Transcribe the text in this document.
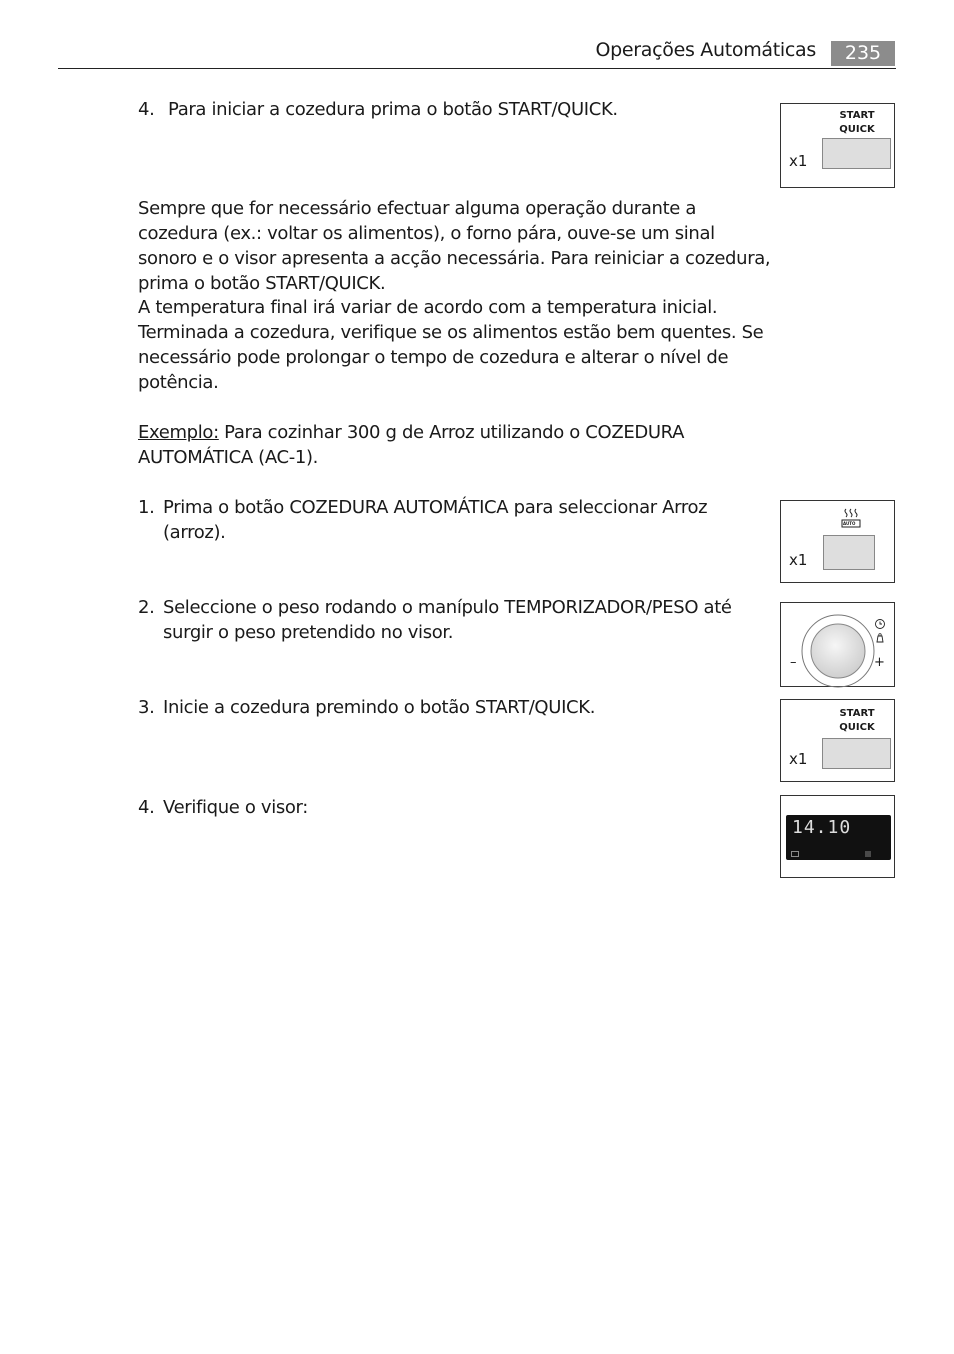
Operações Automáticas	235
4. Para iniciar a cozedura prima o botão START/QUICK.
Sempre que for necessário efectuar alguma operação durante a cozedura (ex.: voltar os alimentos), o forno pára, ouve-se um sinal sonoro e o visor apresenta a acção necessária. Para reiniciar a cozedura, prima o botão START/QUICK.
A temperatura final irá variar de acordo com a temperatura inicial. Terminada a cozedura, verifique se os alimentos estão bem quentes. Se necessário pode prolongar o tempo de cozedura e alterar o nível de potência.
Exemplo: Para cozinhar 300 g de Arroz utilizando o COZEDURA AUTOMÁTICA (AC-1).
1. Prima o botão COZEDURA AUTOMÁTICA para seleccionar Arroz (arroz).
2. Seleccione o peso rodando o manípulo TEMPORIZADOR/PESO até surgir o peso pretendido no visor.
3. Inicie a cozedura premindo o botão START/QUICK.
4. Verifique o visor:
START
QUICK
x1
AUTO
x1
–	+
START
QUICK
x1
14.10
